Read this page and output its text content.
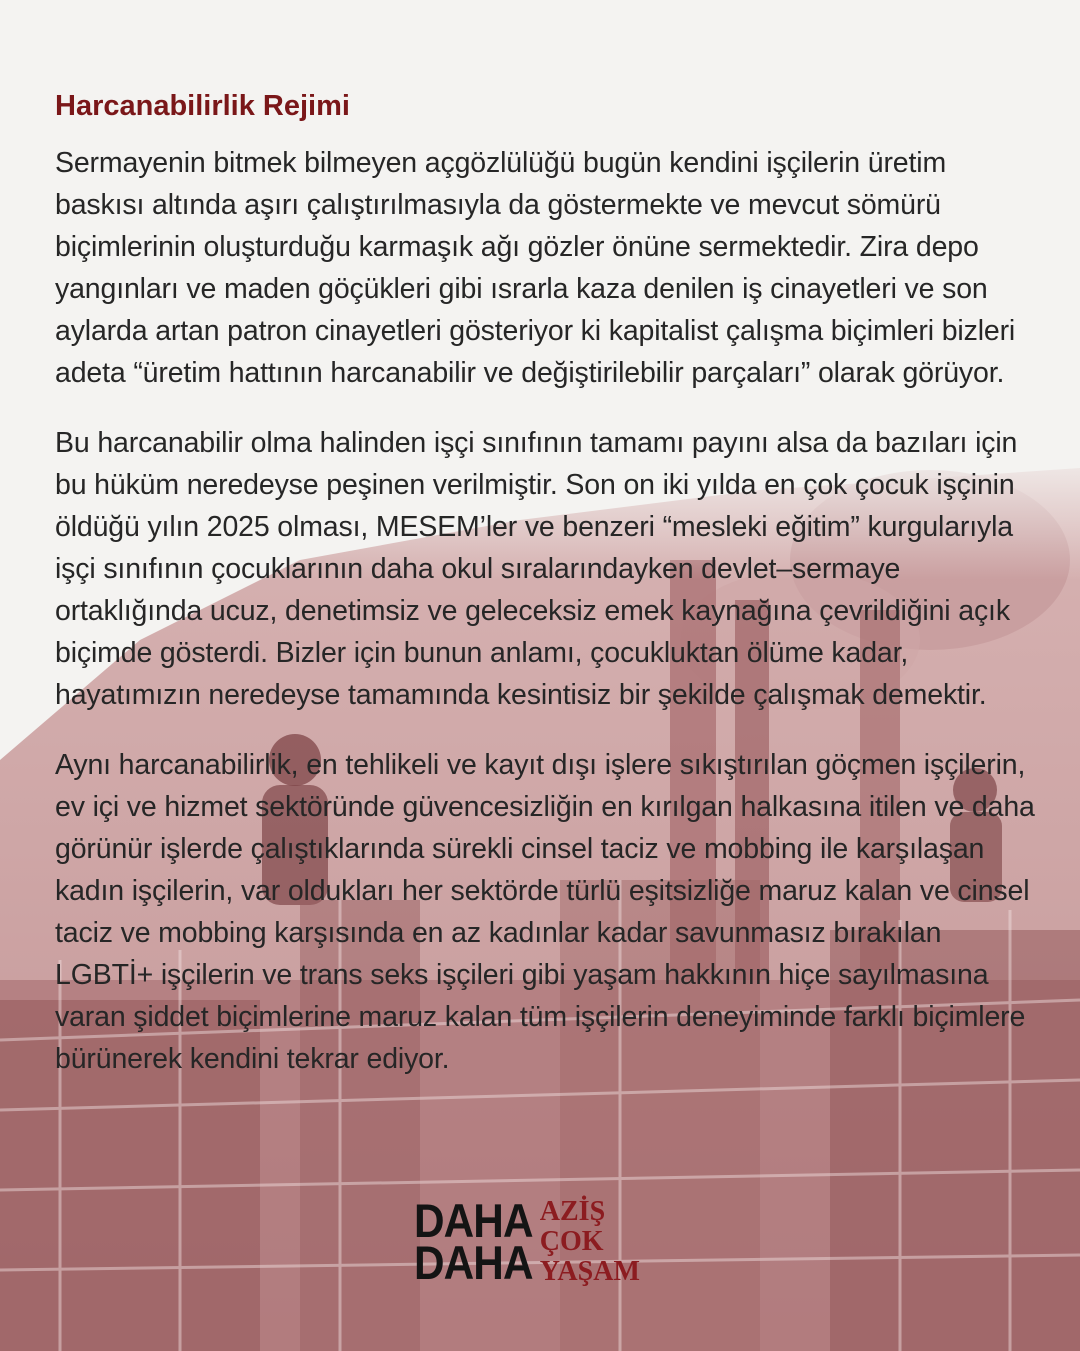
Harcanabilirlik Rejimi

Sermayenin bitmek bilmeyen açgözlülüğü bugün kendini işçilerin üretim baskısı altında aşırı çalıştırılmasıyla da göstermekte ve mevcut sömürü biçimlerinin oluşturduğu karmaşık ağı gözler önüne sermektedir. Zira depo yangınları ve maden göçükleri gibi ısrarla kaza denilen iş cinayetleri ve son aylarda artan patron cinayetleri gösteriyor ki kapitalist çalışma biçimleri bizleri adeta “üretim hattının harcanabilir ve değiştirilebilir parçaları” olarak görüyor.

Bu harcanabilir olma halinden işçi sınıfının tamamı payını alsa da bazıları için bu hüküm neredeyse peşinen verilmiştir. Son on iki yılda en çok çocuk işçinin öldüğü yılın 2025 olması, MESEM’ler ve benzeri “mesleki eğitim” kurgularıyla işçi sınıfının çocuklarının daha okul sıralarındayken devlet–sermaye ortaklığında ucuz, denetimsiz ve geleceksiz emek kaynağına çevrildiğini açık biçimde gösterdi. Bizler için bunun anlamı, çocukluktan ölüme kadar, hayatımızın neredeyse tamamında kesintisiz bir şekilde çalışmak demektir.

Aynı harcanabilirlik, en tehlikeli ve kayıt dışı işlere sıkıştırılan göçmen işçilerin, ev içi ve hizmet sektöründe güvencesizliğin en kırılgan halkasına itilen ve daha görünür işlerde çalıştıklarında sürekli cinsel taciz ve mobbing ile karşılaşan kadın işçilerin, var oldukları her sektörde türlü eşitsizliğe maruz kalan ve cinsel taciz ve mobbing karşısında en az kadınlar kadar savunmasız bırakılan LGBTİ+ işçilerin ve trans seks işçileri gibi yaşam hakkının hiçe sayılmasına varan şiddet biçimlerine maruz kalan tüm işçilerin deneyiminde farklı biçimlere bürünerek kendini tekrar ediyor.

DAHA
DAHA
AZİŞ
ÇOK
YAŞAM
